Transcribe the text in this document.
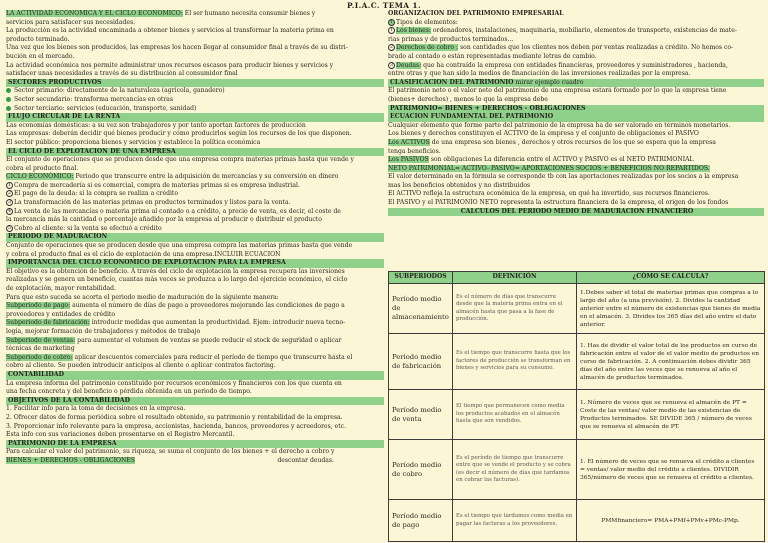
P.I.A.C. TEMA 1.
LA ACTIVIDAD ECONÓMICA Y EL CICLO ECONÓMICO: El ser humano necesita consumir bienes y
servicios para satisfacer sus necesidades.
La producción es la actividad encaminada a obtener bienes y servicios al transformar la materia prima en
producto terminado.
Una vez que los bienes son producidos, las empresas los hacen llegar al consumidor final a través de su distri-
bución en el mercado.
La actividad económica nos permite administrar unos recursos escasos para producir bienes y servicios y
satisfacer unas necesidades a través de su distribución al consumidor final
SECTORES PRODUCTIVOS
Sector primario: directamente de la naturaleza (agrícola, ganadero)
Sector secundario: transforma mercancías en otras
Sector terciario: servicios (educación, transporte, sanidad)
FLUJO CIRCULAR DE LA RENTA
Las economías domésticas: a su vez son trabajadores y por tanto aportan factores de producción
Las empresas: deberán decidir qué bienes producir y cómo producirlos según los recursos de los que disponen.
El sector público: proporciona bienes y servicios y establece la política económica
EL CICLO DE EXPLOTACIÓN DE UNA EMPRESA
El conjunto de operaciones que se producen desde que una empresa compra materias primas hasta que vende y
cobra el producto final.
CICLO ECONÓMICO: Periodo que transcurre entre la adquisición de mercancías y su conversión en dinero
1 Compra de mercadería si es comercial, compra de materias primas si es empresa industrial.
2 El pago de la deuda: si la compra se realiza a crédito
3 La transformación de las materias primas en productos terminados y listos para la venta.
4 La venta de las mercancías o materia prima al contado o a crédito, a precio de venta, es decir, el coste de
la mercancía más la cantidad o porcentaje añadido por la empresa al producir o distribuir el producto
5 Cobro al cliente: si la venta se efectuó a crédito
PERIODO DE MADURACIÓN
Conjunto de operaciones que se producen desde que una empresa compra las materias primas hasta que vende
y cobra el producto final es el ciclo de explotación de una empresa.INCLUIR ECUACION
IMPORTANCIA DEL CICLO ECONÓMICO DE EXPLOTACIÓN PARA LA EMPRESA
El objetivo es la obtención de beneficio. A través del ciclo de explotación la empresa recupera las inversiones
realizadas y se genera un beneficio, cuantas más veces se produzca a lo largo del ejercicio económico, el ciclo
de explotación, mayor rentabilidad.
Para que esto suceda se acorta el periodo medio de maduración de la siguiente manera:
Subperiodo de pago: aumenta el número de días de pago a proveedores mejorando las condiciones de pago a
proveedores y entidades de crédito
Subperiodo de fabricación: introducir medidas que aumentan la productividad. Ejem: introducir nueva tecno-
logía, mejorar formación de trabajadores y métodos de trabajo
Subperiodo de ventas: para aumentar el volumen de ventas se puede reducir el stock de seguridad o aplicar
técnicas de marketing
Subperiodo de cobro: aplicar descuentos comerciales para reducir el período de tiempo que transcurre hasta el
cobro al cliente. Se pueden introducir anticipos al cliente o aplicar contratos factoring.
CONTABILIDAD
La empresa informa del patrimonio constituido por recursos económicos y financieros con los que cuenta en
una fecha concreta y del beneficio o pérdida obtenida en un periodo de tiempo.
OBJETIVOS DE LA CONTABILIDAD
1. Facilitar info para la toma de decisiones en la empresa.
2. Ofrecer datos de forma periódica sobre el resultado obtenido, su patrimonio y rentabilidad de la empresa.
3. Proporcionar info relevante para la empresa, accionistas, hacienda, bancos, proveedores y acreedores, etc.
Esta info con sus variaciones deben presentarse en el Registro Mercantil.
PATRIMONIO DE LA EMPRESA
Para calcular el valor del patrimonio, su riqueza, se suma el conjunto de los bienes + el derecho a cobro y
BIENES + DERECHOS - OBLIGACIONES	descontar deudas.
ORGANIZACIÓN DEL PATRIMONIO EMPRESARIAL
1 Tipos de elementos:
1 Los bienes: ordenadores, instalaciones, maquinaria, mobiliario, elementos de transporte, existencias de mate-
rias primas y de productos terminados...
2 Derechos de cobro : son cantidades que los clientes nos deben por ventas realizadas a crédito. No hemos co-
brado al contado o están representadas mediante letras de cambio.
3 Deudas: que ha contraído la empresa con entidades financieras, proveedores y suministradores , hacienda,
entre otras y que han sido la medios de financiación de las inversiones realizadas por la empresa.
CLASIFICACIÓN DEL PATRIMONIO mirar ejemplo cuadro
El patrimonio neto o el valor neto del patrimonio de una empresa estará formado por lo que la empresa tiene
(bienes+ derechos) , menos lo que la empresa debe
PATRIMONIO= BIENES + DERECHOS - OBLIGACIONES
ECUACIÓN FUNDAMENTAL DEL PATRIMONIO
Cualquier elemento que forme parte del patrimonio de la empresa ha de ser valorado en términos monetarios.
Los bienes y derechos constituyen el ACTIVO de la empresa y el conjunto de obligaciones el PASIVO
Los ACTIVOS de una empresa son bienes , derechos y otros recursos de los que se espera que la empresa
tenga beneficios.
Los PASIVOS son obligaciones La diferencia entre el ACTIVO y PASIVO es el NETO PATRIMONIAL
NETO PATRIMONIAL= ACTIVO- PASIVO= APORTACIONES SOCIOS + BENEFICIOS NO REPARTIDOS.
El valor determinado en la fórmula se corresponde tb con las aportaciones realizadas por los socios a la empresa
mas los beneficios obtenidos y no distribuidos
El ACTIVO refleja la estructura económica de la empresa, en qué ha invertido, sus recursos financieros.
El PASIVO y el PATRIMONIO NETO representa la estructura financiera de la empresa, el origen de los fondos
CÁLCULOS DEL PERIODO MEDIO DE MADURACIÓN FINANCIERO
SUBPERIODOS	DEFINICIÓN	¿CÓMO SE CALCULA?
Período medio de almacenamiento	Es el número de días que transcurre desde que la materia prima entra en el almacén hasta que pasa a la fase de producción.	1.Debes saber el total de materias primas que compras a lo largo del año (a una previsión). 2. Divides la cantidad anterior entre el número de existencias que tienes de media en el almacén. 3. Divides los 365 días del año entre el dato anterior.
Periodo medio de fabricación	Es el tiempo que transcurre hasta que los factores de producción se transforman en bienes y servicios para su consumo.	1. Has de dividir el valor total de los productos en curso de fabricación entre el valor de el valor medio de productos en curso de fabricación. 2. A continuación debes dividir 365 días del año entre las veces que se renueva al año el almacén de productos terminados.
Período medio de venta	El tiempo que permanecen como media los productos acabados en el almacén hasta que son vendidos.	1. Número de veces que se renueva el almacén de PT = Coste de las ventas/ valor medio de las existencias de Productos terminados. SE DIVIDE 365 / número de veces que se renueva el almacén de PT.
Período medio de cobro	Es el período de tiempo que transcurre entre que se vende el producto y se cobra (es decir el número de días que tardamos en cobrar las facturas).	1. El número de veces que se renueva el crédito a clientes = ventas/ valor medio del crédito a clientes. DIVIDIR 365/número de veces que se renueva el crédito a clientes.
Período medio de pago	Es el tiempo que tardamos como media en pagar las facturas a los proveedores.	PMMfinanciero= PMA+PMf+PMv+PMc-PMp.
